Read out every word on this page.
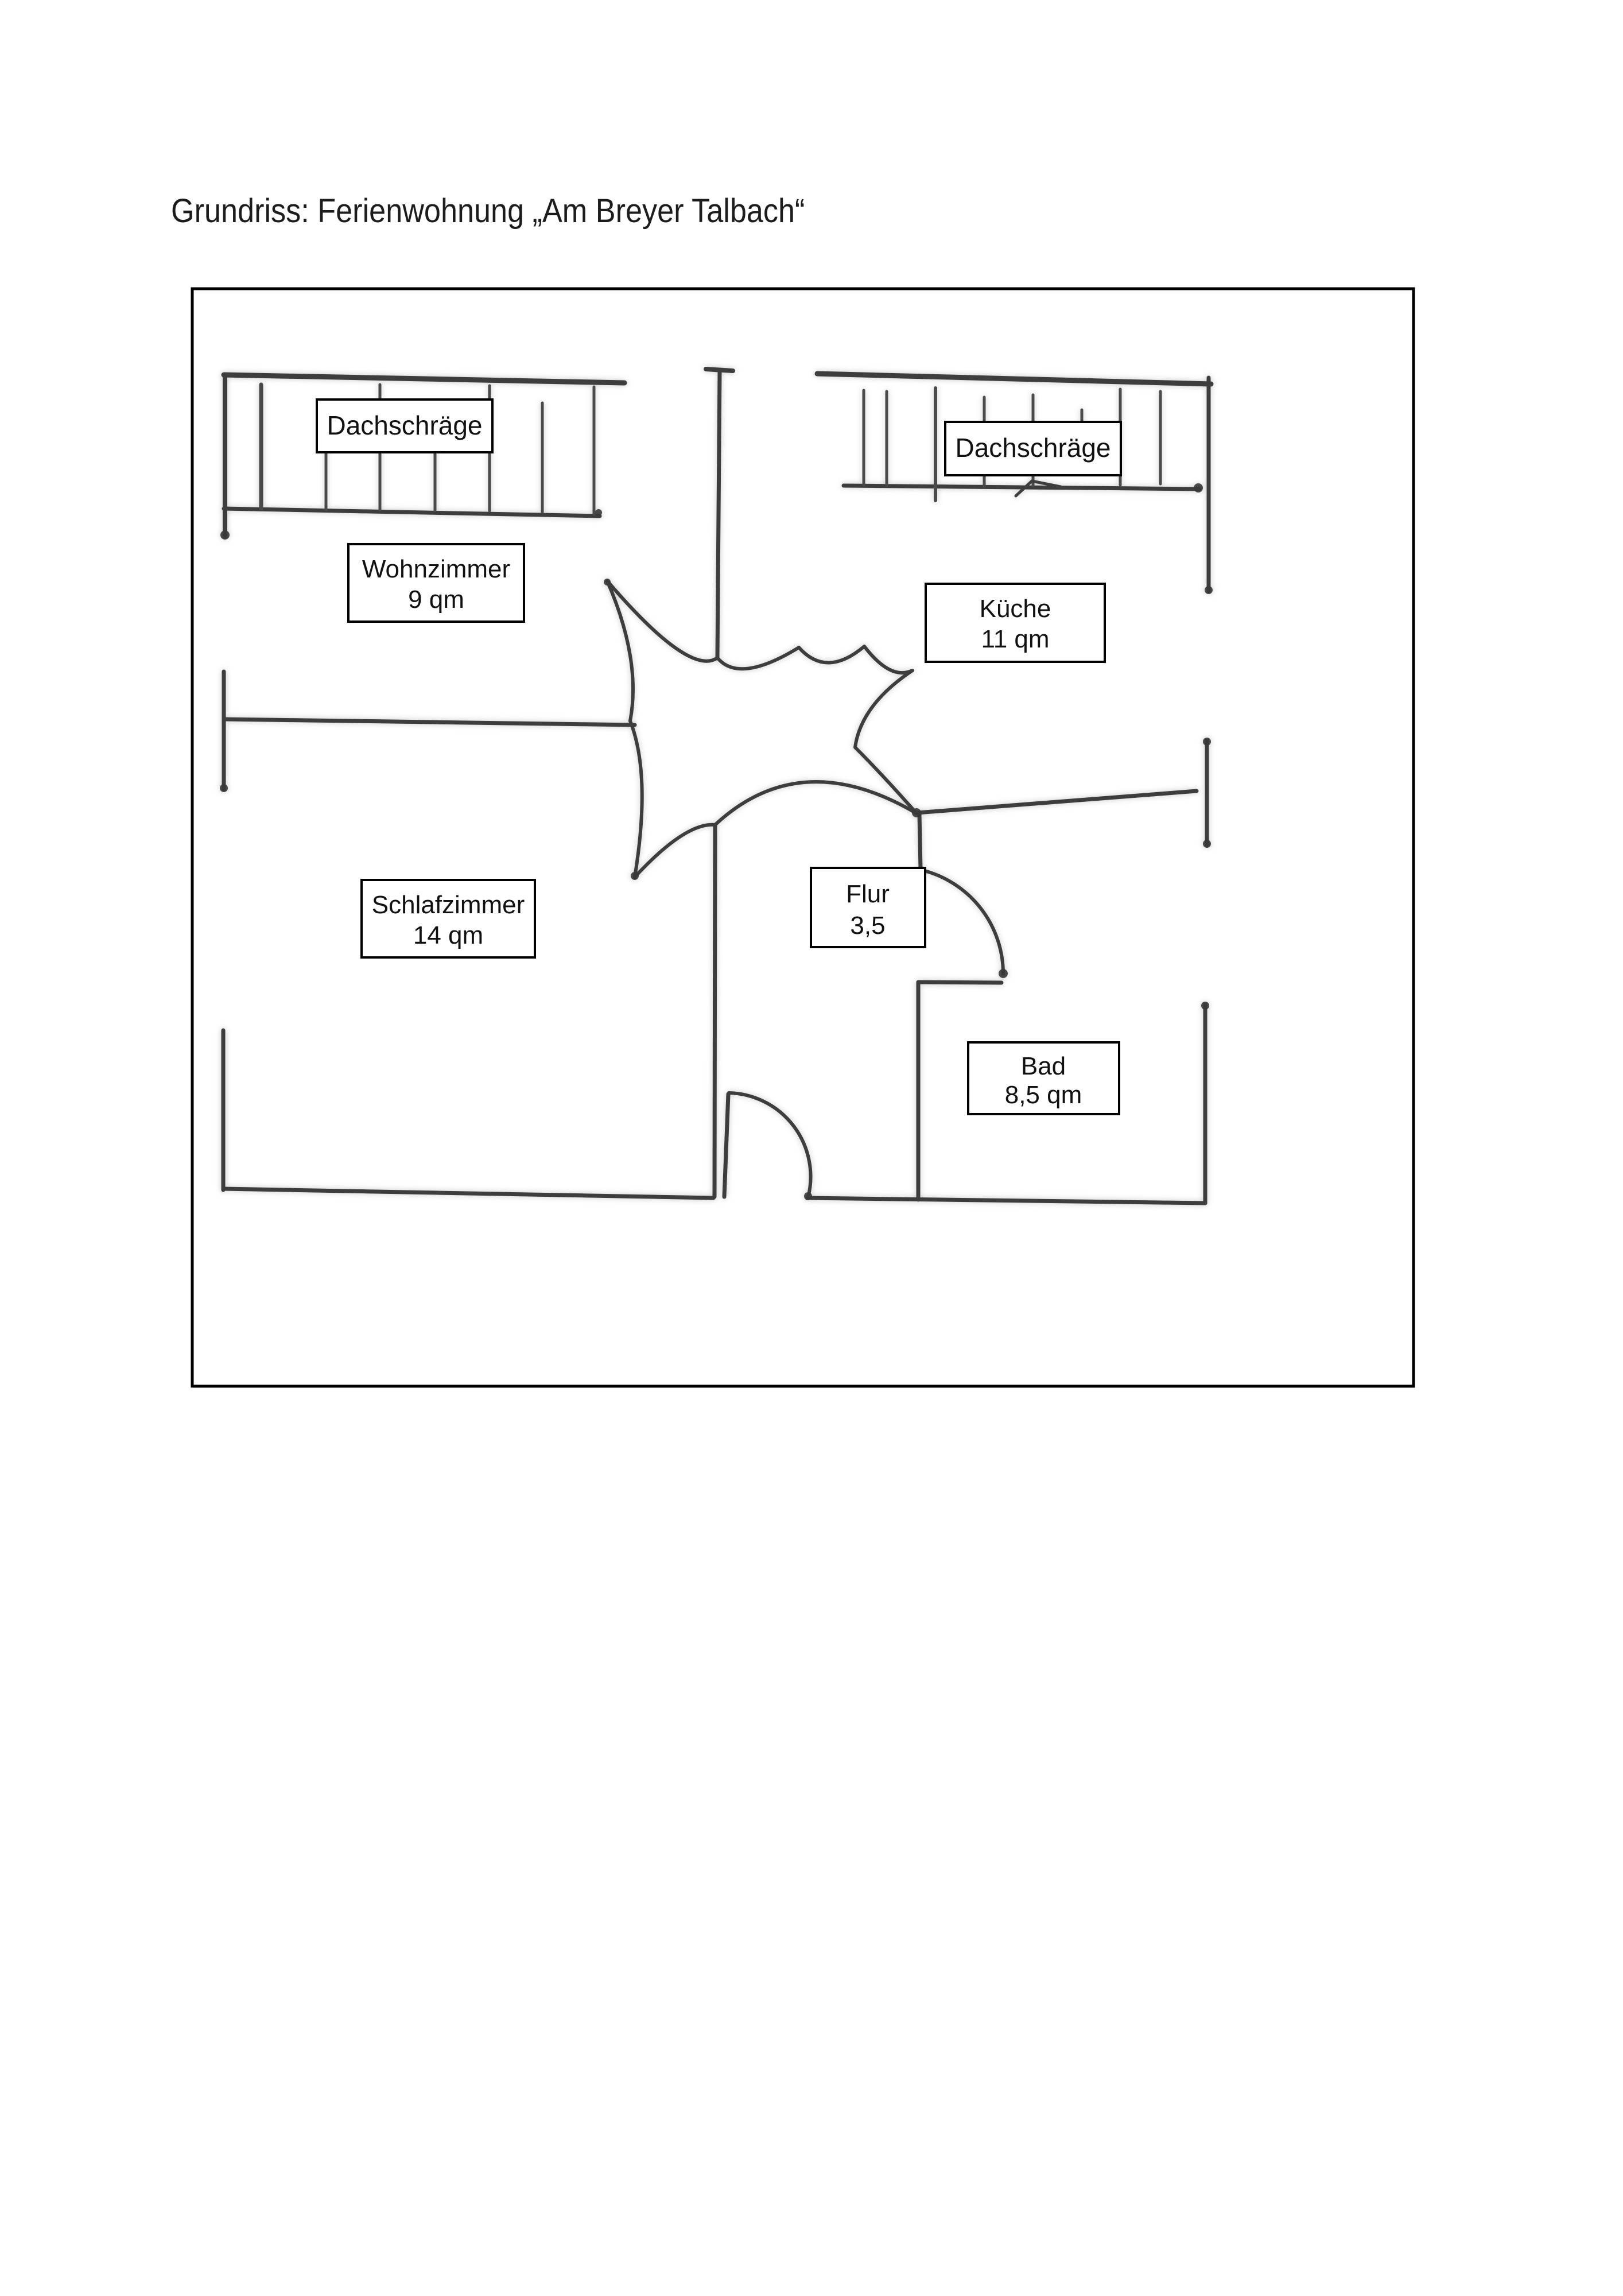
Grundriss: Ferienwohnung „Am Breyer Talbach“
Dachschräge
Dachschräge
Wohnzimmer
9 qm	Küche
11 qm
Schlafzimmer
14 qm
Flur
3,5
Bad
8,5 qm
